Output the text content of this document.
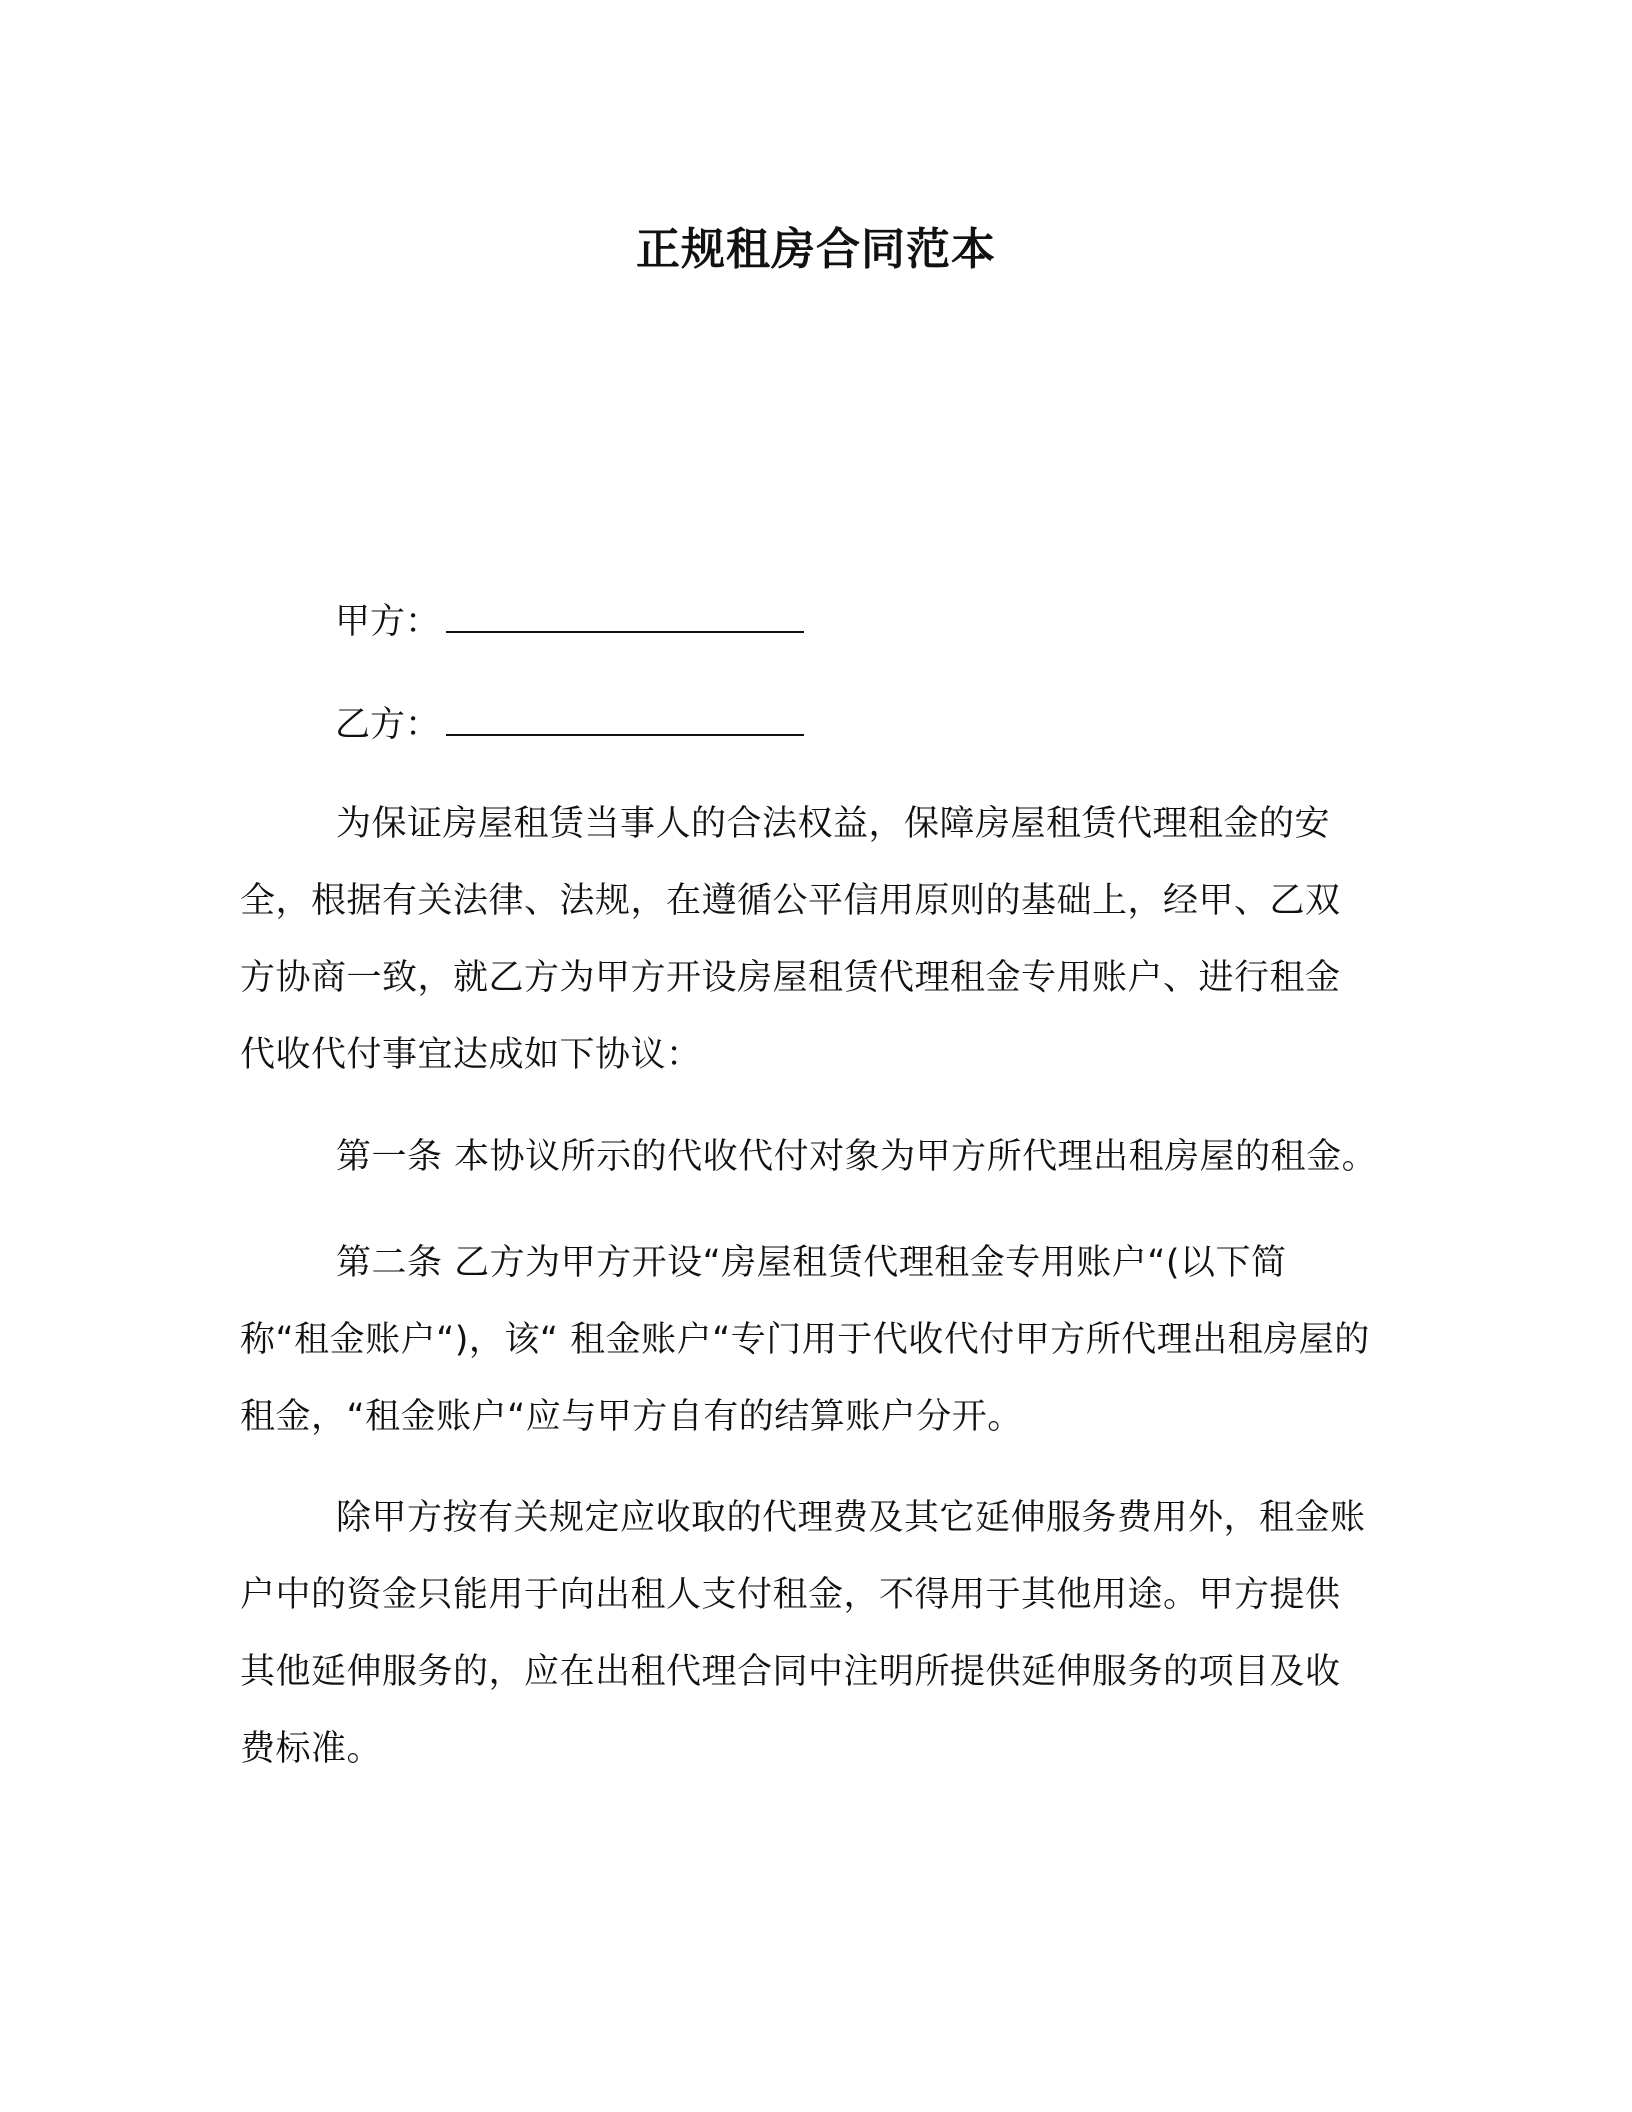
正规租房合同范本
甲方：
乙方：

为保证房屋租赁当事人的合法权益，保障房屋租赁代理租金的安全，根据有关法律、法规，在遵循公平信用原则的基础上，经甲、乙双方协商一致，就乙方为甲方开设房屋租赁代理租金专用账户、进行租金代收代付事宜达成如下协议：

第一条 本协议所示的代收代付对象为甲方所代理出租房屋的租金。

第二条 乙方为甲方开设“房屋租赁代理租金专用账户“(以下简称“租金账户“)，该“ 租金账户“专门用于代收代付甲方所代理出租房屋的租金，“租金账户“应与甲方自有的结算账户分开。

除甲方按有关规定应收取的代理费及其它延伸服务费用外，租金账户中的资金只能用于向出租人支付租金，不得用于其他用途。甲方提供其他延伸服务的，应在出租代理合同中注明所提供延伸服务的项目及收费标准。
